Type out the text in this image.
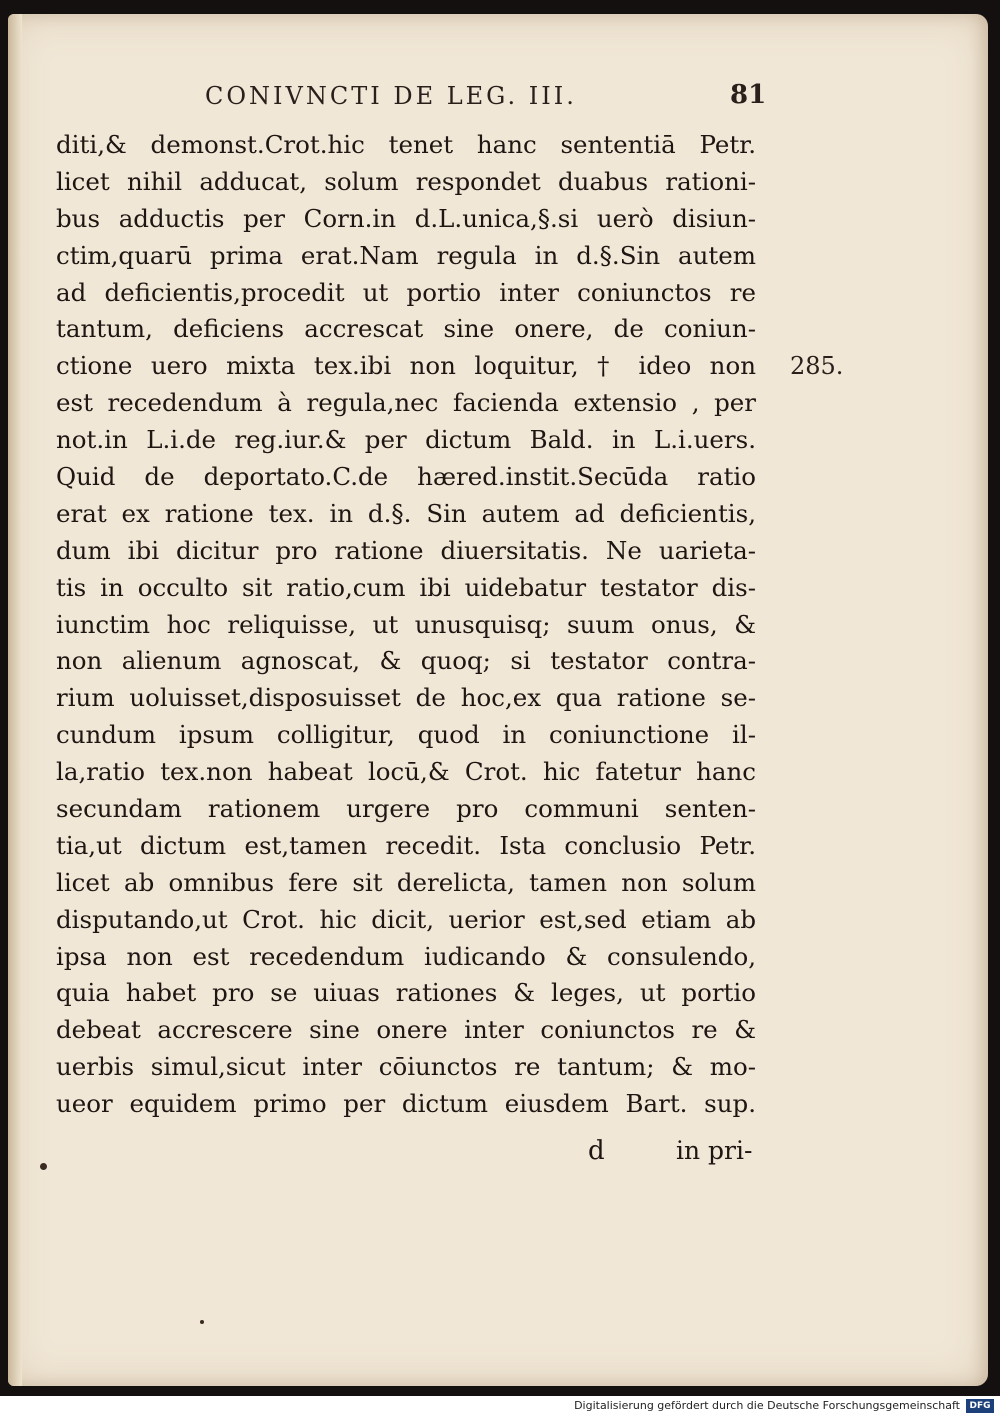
CONIVNCTI DE LEG. III.	81
diti,& demonst.Crot.hic tenet hanc sententiā Petr.
licet nihil adducat, solum respondet duabus rationi-
bus adductis per Corn.in d.L.unica,§.si uerò disiun-
ctim,quarū prima erat.Nam regula in d.§.Sin autem
ad deficientis,procedit ut portio inter coniunctos re
tantum, deficiens accrescat sine onere, de coniun-
ctione uero mixta tex.ibi non loquitur, † ideo non
est recedendum à regula,nec facienda extensio , per
not.in L.i.de reg.iur.& per dictum Bald. in L.i.uers.
Quid de deportato.C.de hæred.instit.Secūda ratio
erat ex ratione tex. in d.§. Sin autem ad deficientis,
dum ibi dicitur pro ratione diuersitatis. Ne uarieta-
tis in occulto sit ratio,cum ibi uidebatur testator dis-
iunctim hoc reliquisse, ut unusquisq; suum onus, &
non alienum agnoscat, & quoq; si testator contra-
rium uoluisset,disposuisset de hoc,ex qua ratione se-
cundum ipsum colligitur, quod in coniunctione il-
la,ratio tex.non habeat locū,& Crot. hic fatetur hanc
secundam rationem urgere pro communi senten-
tia,ut dictum est,tamen recedit. Ista conclusio Petr.
licet ab omnibus fere sit derelicta, tamen non solum
disputando,ut Crot. hic dicit, uerior est,sed etiam ab
ipsa non est recedendum iudicando & consulendo,
quia habet pro se uiuas rationes & leges, ut portio
debeat accrescere sine onere inter coniunctos re &
uerbis simul,sicut inter cōiunctos re tantum; & mo-
ueor equidem primo per dictum eiusdem Bart. sup.
285.
d	in pri-
Digitalisierung gefördert durch die Deutsche Forschungsgemeinschaft	DFG
